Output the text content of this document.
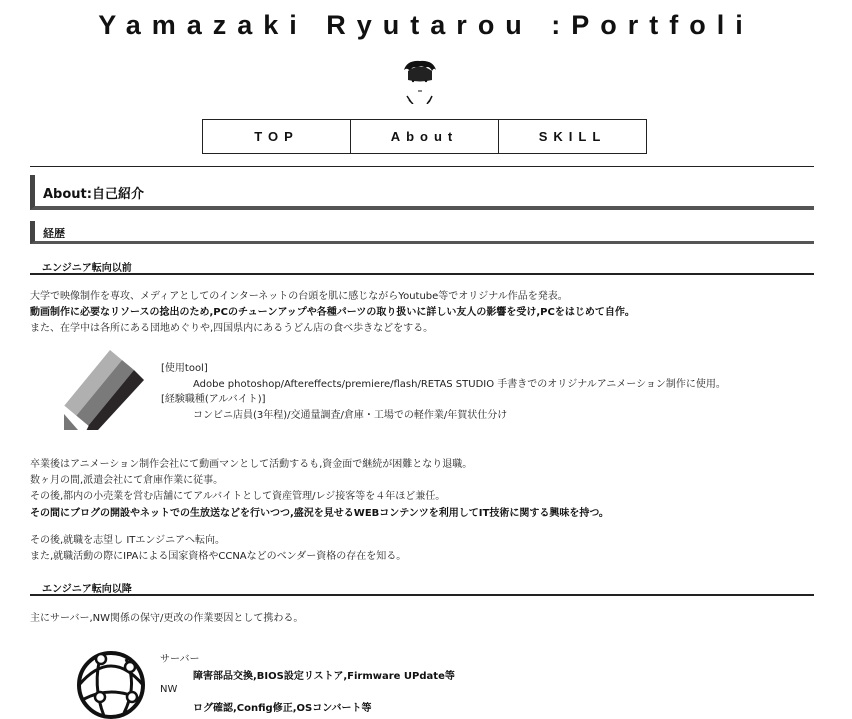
Yamazaki Ryutarou :Portfoli
TOP	About	SKILL
About:自己紹介
経歴
エンジニア転向以前
大学で映像制作を専攻、メディアとしてのインターネットの台頭を肌に感じながらYoutube等でオリジナル作品を発表。
動画制作に必要なリソースの捻出のため,PCのチューンアップや各種パーツの取り扱いに詳しい友人の影響を受け,PCをはじめて自作。
また、在学中は各所にある団地めぐりや,四国県内にあるうどん店の食べ歩きなどをする。
[使用tool]
Adobe photoshop/Aftereffects/premiere/flash/RETAS STUDIO 手書きでのオリジナルアニメーション制作に使用。
[経験職種(アルバイト)]
コンビニ店員(3年程)/交通量調査/倉庫・工場での軽作業/年賀状仕分け
卒業後はアニメーション制作会社にて動画マンとして活動するも,資金面で継続が困難となり退職。
数ヶ月の間,派遣会社にて倉庫作業に従事。
その後,都内の小売業を営む店舗にてアルバイトとして資産管理/レジ接客等を４年ほど兼任。
その間にブログの開設やネットでの生放送などを行いつつ,盛況を見せるWEBコンテンツを利用してIT技術に関する興味を持つ。
その後,就職を志望し ITエンジニアへ転向。
また,就職活動の際にIPAによる国家資格やCCNAなどのベンダー資格の存在を知る。
エンジニア転向以降
主にサーバー,NW関係の保守/更改の作業要因として携わる。
サーバー
障害部品交換,BIOS設定リストア,Firmware UPdate等
NW
ログ確認,Config修正,OSコンバート等
